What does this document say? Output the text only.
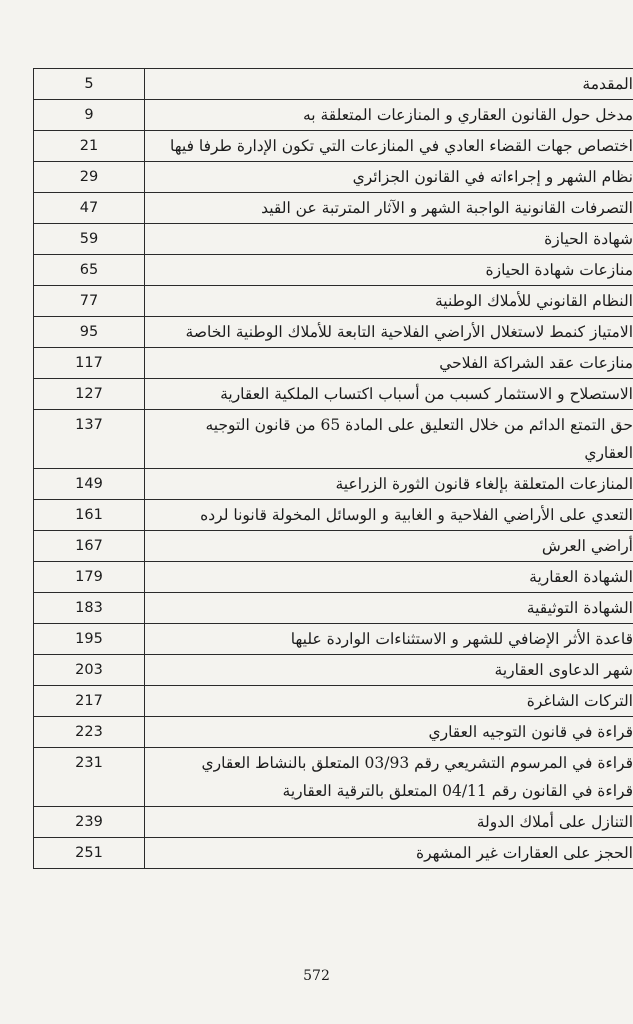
المقدمة	5

مدخل حول القانون العقاري و المنازعات المتعلقة به	9

اختصاص جهات القضاء العادي في المنازعات التي تكون الإدارة طرفا فيها	21

نظام الشهر و إجراءاته في القانون الجزائري	29

التصرفات القانونية الواجبة الشهر و الآثار المترتبة عن القيد	47

شهادة الحيازة	59

منازعات شهادة الحيازة	65

النظام القانوني للأملاك الوطنية	77

الامتياز كنمط لاستغلال الأراضي الفلاحية التابعة للأملاك الوطنية الخاصة	95

منازعات عقد الشراكة الفلاحي	117

الاستصلاح و الاستثمار كسبب من أسباب اكتساب الملكية العقارية	127

حق التمتع الدائم من خلال التعليق على المادة 65 من قانون التوجيه
العقاري	137

المنازعات المتعلقة بإلغاء قانون الثورة الزراعية	149

التعدي على الأراضي الفلاحية و الغابية و الوسائل المخولة قانونا لرده	161

أراضي العرش	167

الشهادة العقارية	179

الشهادة التوثيقية	183

قاعدة الأثر الإضافي للشهر و الاستثناءات الواردة عليها	195

شهر الدعاوى العقارية	203

التركات الشاغرة	217

قراءة في قانون التوجيه العقاري	223

قراءة في المرسوم التشريعي رقم 03/93 المتعلق بالنشاط العقاري
قراءة في القانون رقم 04/11 المتعلق بالترقية العقارية	231

التنازل على أملاك الدولة	239

الحجز على العقارات غير المشهرة	251
572
